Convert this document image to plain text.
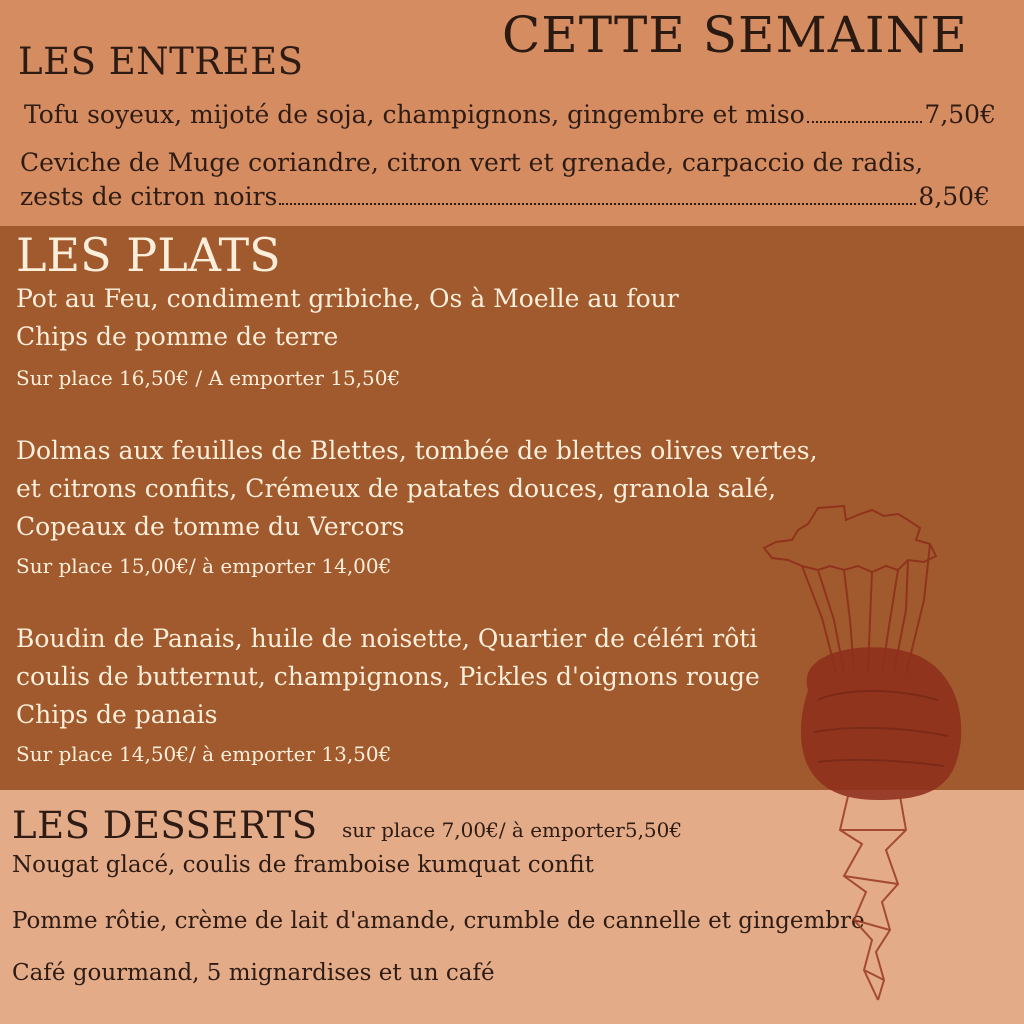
CETTE SEMAINE
LES ENTREES
Tofu soyeux, mijoté de soja, champignons, gingembre et miso	7,50€
Ceviche de Muge coriandre, citron vert et grenade, carpaccio de radis,
zests de citron noirs	8,50€
LES PLATS
Pot au Feu, condiment gribiche, Os à Moelle au four
Chips de pomme de terre
Sur place 16,50€ / A emporter 15,50€
Dolmas aux feuilles de Blettes, tombée de blettes olives vertes,
et citrons confits, Crémeux de patates douces, granola salé,
Copeaux de tomme du Vercors
Sur place 15,00€/ à emporter 14,00€
Boudin de Panais, huile de noisette, Quartier de céléri rôti
coulis de butternut, champignons, Pickles d'oignons rouge
Chips de panais
Sur place 14,50€/ à emporter 13,50€
LES DESSERTS sur place 7,00€/ à emporter5,50€
Nougat glacé, coulis de framboise kumquat confit
Pomme rôtie, crème de lait d'amande, crumble de cannelle et gingembre
Café gourmand, 5 mignardises et un café
